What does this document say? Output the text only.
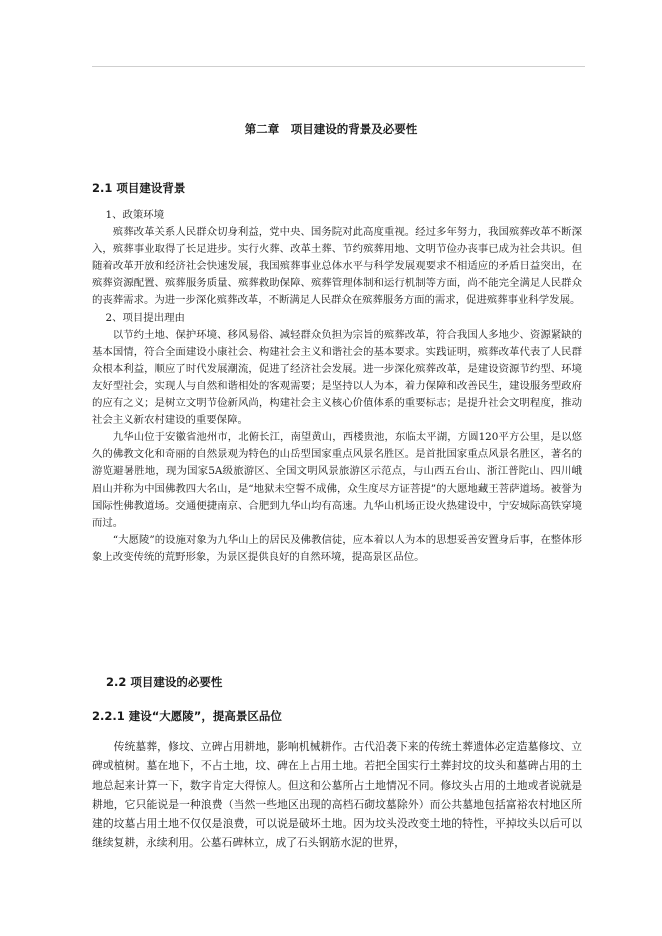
第二章　项目建设的背景及必要性
2.1 项目建设背景

1、政策环境

殡葬改革关系人民群众切身利益，党中央、国务院对此高度重视。经过多年努力，我国殡葬改革不断深入，殡葬事业取得了长足进步。实行火葬、改革土葬、节约殡葬用地、文明节俭办丧事已成为社会共识。但随着改革开放和经济社会快速发展，我国殡葬事业总体水平与科学发展观要求不相适应的矛盾日益突出，在殡葬资源配置、殡葬服务质量、殡葬救助保障、殡葬管理体制和运行机制等方面，尚不能完全满足人民群众的丧葬需求。为进一步深化殡葬改革，不断满足人民群众在殡葬服务方面的需求，促进殡葬事业科学发展。

2、项目提出理由

以节约土地、保护环境、移风易俗、减轻群众负担为宗旨的殡葬改革，符合我国人多地少、资源紧缺的基本国情，符合全面建设小康社会、构建社会主义和谐社会的基本要求。实践证明，殡葬改革代表了人民群众根本利益，顺应了时代发展潮流，促进了经济社会发展。进一步深化殡葬改革，是建设资源节约型、环境友好型社会，实现人与自然和谐相处的客观需要；是坚持以人为本，着力保障和改善民生，建设服务型政府的应有之义；是树立文明节俭新风尚，构建社会主义核心价值体系的重要标志；是提升社会文明程度，推动社会主义新农村建设的重要保障。

九华山位于安徽省池州市，北俯长江，南望黄山，西楼贵池，东临太平湖，方圆120平方公里，是以悠久的佛教文化和奇丽的自然景观为特色的山岳型国家重点风景名胜区。是首批国家重点风景名胜区，著名的游览避暑胜地，现为国家5A级旅游区、全国文明风景旅游区示范点，与山西五台山、浙江普陀山、四川峨眉山并称为中国佛教四大名山，是“地狱未空誓不成佛，众生度尽方证菩提”的大愿地藏王菩萨道场。被誉为国际性佛教道场。交通便捷南京、合肥到九华山均有高速。九华山机场正设火热建设中，宁安城际高铁穿境而过。

“大愿陵”的设施对象为九华山上的居民及佛教信徒，应本着以人为本的思想妥善安置身后事，在整体形象上改变传统的荒野形象，为景区提供良好的自然环境，提高景区品位。

2.2 项目建设的必要性
2.2.1 建设“大愿陵”，提高景区品位

传统墓葬，修坟、立碑占用耕地，影响机械耕作。古代沿袭下来的传统土葬遗体必定造墓修坟、立碑或植树。墓在地下，不占土地，坟、碑在上占用土地。若把全国实行土葬封坟的坟头和墓碑占用的土地总起来计算一下，数字肯定大得惊人。但这和公墓所占土地情况不同。修坟头占用的土地或者说就是耕地，它只能说是一种浪费（当然一些地区出现的高档石砌坟墓除外）而公共墓地包括富裕农村地区所建的坟墓占用土地不仅仅是浪费，可以说是破坏土地。因为坟头没改变土地的特性，平掉坟头以后可以继续复耕，永续利用。公墓石碑林立，成了石头钢筋水泥的世界，
